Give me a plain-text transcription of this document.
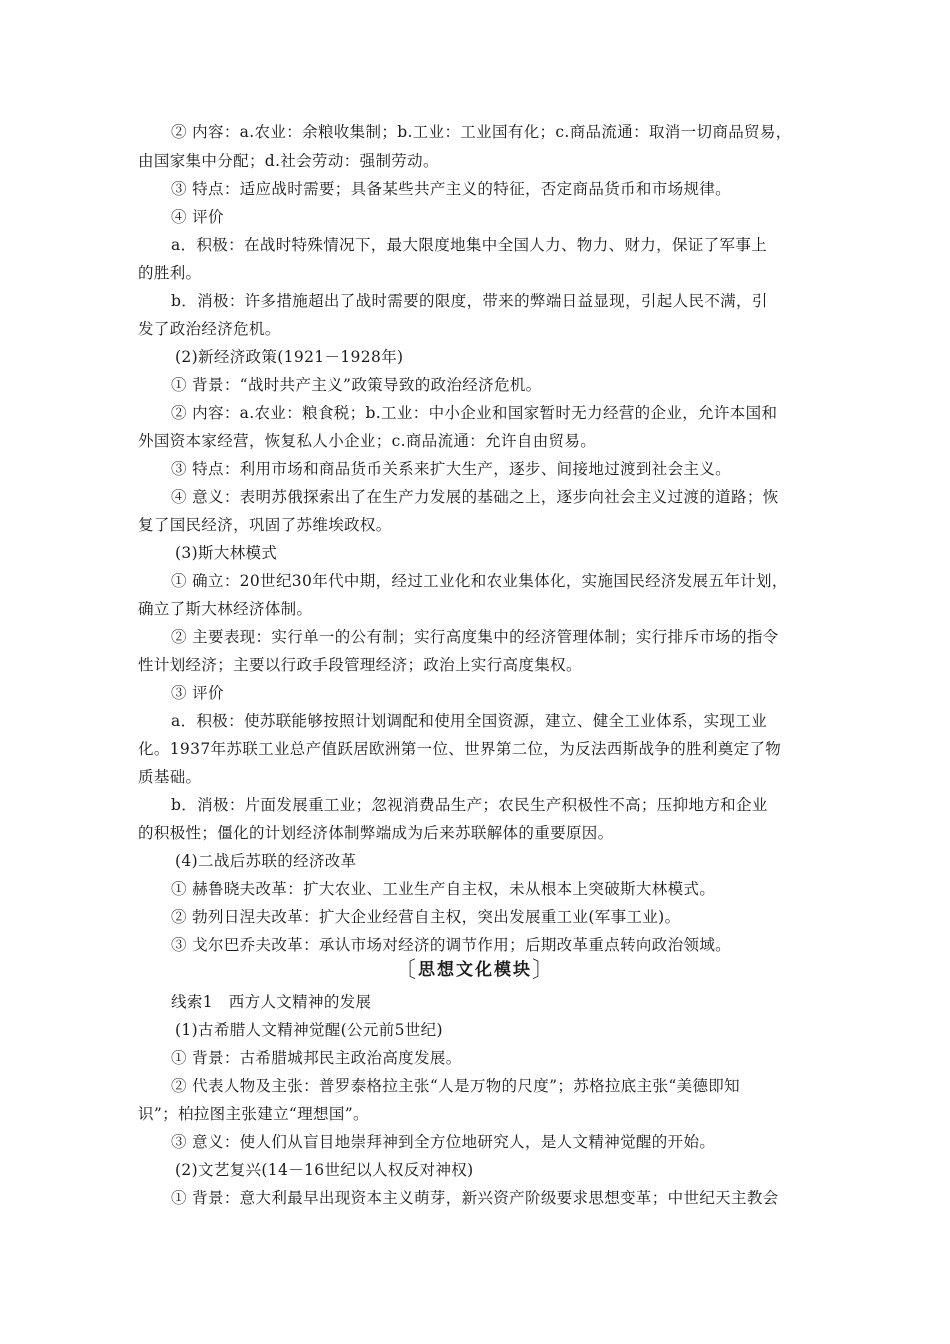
② 内容：a.农业：余粮收集制；b.工业：工业国有化；c.商品流通：取消一切商品贸易，
由国家集中分配；d.社会劳动：强制劳动。
③ 特点：适应战时需要；具备某些共产主义的特征，否定商品货币和市场规律。
④ 评价
a．积极：在战时特殊情况下，最大限度地集中全国人力、物力、财力，保证了军事上
的胜利。
b．消极：许多措施超出了战时需要的限度，带来的弊端日益显现，引起人民不满，引
发了政治经济危机。
(2)新经济政策(1921－1928年)
① 背景：“战时共产主义”政策导致的政治经济危机。
② 内容：a.农业：粮食税；b.工业：中小企业和国家暂时无力经营的企业，允许本国和
外国资本家经营，恢复私人小企业；c.商品流通：允许自由贸易。
③ 特点：利用市场和商品货币关系来扩大生产，逐步、间接地过渡到社会主义。
④ 意义：表明苏俄探索出了在生产力发展的基础之上，逐步向社会主义过渡的道路；恢
复了国民经济，巩固了苏维埃政权。
(3)斯大林模式
① 确立：20世纪30年代中期，经过工业化和农业集体化，实施国民经济发展五年计划，
确立了斯大林经济体制。
② 主要表现：实行单一的公有制；实行高度集中的经济管理体制；实行排斥市场的指令
性计划经济；主要以行政手段管理经济；政治上实行高度集权。
③ 评价
a．积极：使苏联能够按照计划调配和使用全国资源，建立、健全工业体系，实现工业
化。1937年苏联工业总产值跃居欧洲第一位、世界第二位，为反法西斯战争的胜利奠定了物
质基础。
b．消极：片面发展重工业；忽视消费品生产；农民生产积极性不高；压抑地方和企业
的积极性；僵化的计划经济体制弊端成为后来苏联解体的重要原因。
(4)二战后苏联的经济改革
① 赫鲁晓夫改革：扩大农业、工业生产自主权，未从根本上突破斯大林模式。
② 勃列日涅夫改革：扩大企业经营自主权，突出发展重工业(军事工业)。
③ 戈尔巴乔夫改革：承认市场对经济的调节作用；后期改革重点转向政治领域。
〔思想文化模块〕
线索1　西方人文精神的发展
(1)古希腊人文精神觉醒(公元前5世纪)
① 背景：古希腊城邦民主政治高度发展。
② 代表人物及主张：普罗泰格拉主张“人是万物的尺度”；苏格拉底主张“美德即知
识”；柏拉图主张建立“理想国”。
③ 意义：使人们从盲目地崇拜神到全方位地研究人，是人文精神觉醒的开始。
(2)文艺复兴(14－16世纪以人权反对神权)
① 背景：意大利最早出现资本主义萌芽，新兴资产阶级要求思想变革；中世纪天主教会
